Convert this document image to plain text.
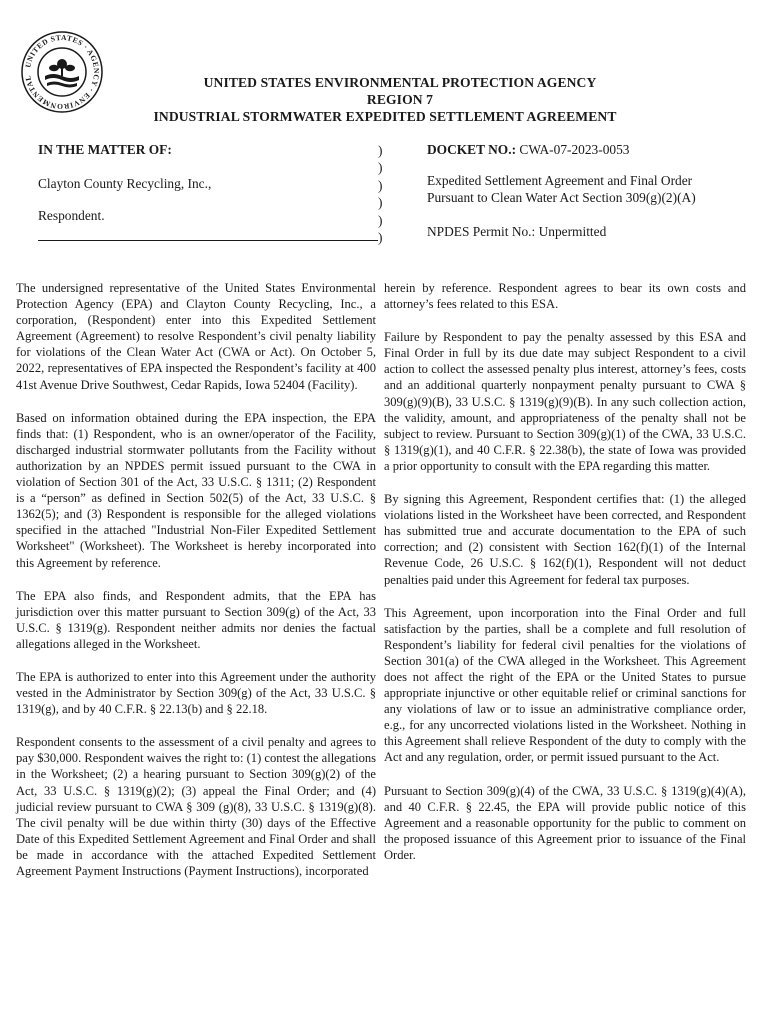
UNITED STATES · AGENCY · ENVIRONMENTAL	UNITED STATES ENVIRONMENTAL PROTECTION AGENCY
REGION 7
INDUSTRIAL STORMWATER EXPEDITED SETTLEMENT AGREEMENT
IN THE MATTER OF:
Clayton County Recycling, Inc.,
Respondent.
)
)
)
)
)
)
DOCKET NO.: CWA-07-2023-0053
Expedited Settlement Agreement and Final Order
Pursuant to Clean Water Act Section 309(g)(2)(A)
NPDES Permit No.: Unpermitted

The undersigned representative of the United States Environmental Protection Agency (EPA) and Clayton County Recycling, Inc., a corporation, (Respondent) enter into this Expedited Settlement Agreement (Agreement) to resolve Respondent’s civil penalty liability for violations of the Clean Water Act (CWA or Act). On October 5, 2022, representatives of EPA inspected the Respondent’s facility at 400 41st Avenue Drive Southwest, Cedar Rapids, Iowa 52404 (Facility).

Based on information obtained during the EPA inspection, the EPA finds that: (1) Respondent, who is an owner/operator of the Facility, discharged industrial stormwater pollutants from the Facility without authorization by an NPDES permit issued pursuant to the CWA in violation of Section 301 of the Act, 33 U.S.C. § 1311; (2) Respondent is a “person” as defined in Section 502(5) of the Act, 33 U.S.C. § 1362(5); and (3) Respondent is responsible for the alleged violations specified in the attached "Industrial Non-Filer Expedited Settlement Worksheet" (Worksheet). The Worksheet is hereby incorporated into this Agreement by reference.

The EPA also finds, and Respondent admits, that the EPA has jurisdiction over this matter pursuant to Section 309(g) of the Act, 33 U.S.C. § 1319(g). Respondent neither admits nor denies the factual allegations alleged in the Worksheet.

The EPA is authorized to enter into this Agreement under the authority vested in the Administrator by Section 309(g) of the Act, 33 U.S.C. § 1319(g), and by 40 C.F.R. § 22.13(b) and § 22.18.

Respondent consents to the assessment of a civil penalty and agrees to pay $30,000. Respondent waives the right to: (1) contest the allegations in the Worksheet; (2) a hearing pursuant to Section 309(g)(2) of the Act, 33 U.S.C. § 1319(g)(2); (3) appeal the Final Order; and (4) judicial review pursuant to CWA § 309 (g)(8), 33 U.S.C. § 1319(g)(8). The civil penalty will be due within thirty (30) days of the Effective Date of this Expedited Settlement Agreement and Final Order and shall be made in accordance with the attached Expedited Settlement Agreement Payment Instructions (Payment Instructions), incorporated

herein by reference. Respondent agrees to bear its own costs and attorney’s fees related to this ESA.

Failure by Respondent to pay the penalty assessed by this ESA and Final Order in full by its due date may subject Respondent to a civil action to collect the assessed penalty plus interest, attorney’s fees, costs and an additional quarterly nonpayment penalty pursuant to CWA § 309(g)(9)(B), 33 U.S.C. § 1319(g)(9)(B). In any such collection action, the validity, amount, and appropriateness of the penalty shall not be subject to review. Pursuant to Section 309(g)(1) of the CWA, 33 U.S.C. § 1319(g)(1), and 40 C.F.R. § 22.38(b), the state of Iowa was provided a prior opportunity to consult with the EPA regarding this matter.

By signing this Agreement, Respondent certifies that: (1) the alleged violations listed in the Worksheet have been corrected, and Respondent has submitted true and accurate documentation to the EPA of such correction; and (2) consistent with Section 162(f)(1) of the Internal Revenue Code, 26 U.S.C. § 162(f)(1), Respondent will not deduct penalties paid under this Agreement for federal tax purposes.

This Agreement, upon incorporation into the Final Order and full satisfaction by the parties, shall be a complete and full resolution of Respondent’s liability for federal civil penalties for the violations of Section 301(a) of the CWA alleged in the Worksheet. This Agreement does not affect the right of the EPA or the United States to pursue appropriate injunctive or other equitable relief or criminal sanctions for any violations of law or to issue an administrative compliance order, e.g., for any uncorrected violations listed in the Worksheet. Nothing in this Agreement shall relieve Respondent of the duty to comply with the Act and any regulation, order, or permit issued pursuant to the Act.

Pursuant to Section 309(g)(4) of the CWA, 33 U.S.C. § 1319(g)(4)(A), and 40 C.F.R. § 22.45, the EPA will provide public notice of this Agreement and a reasonable opportunity for the public to comment on the proposed issuance of this Agreement prior to issuance of the Final Order.
